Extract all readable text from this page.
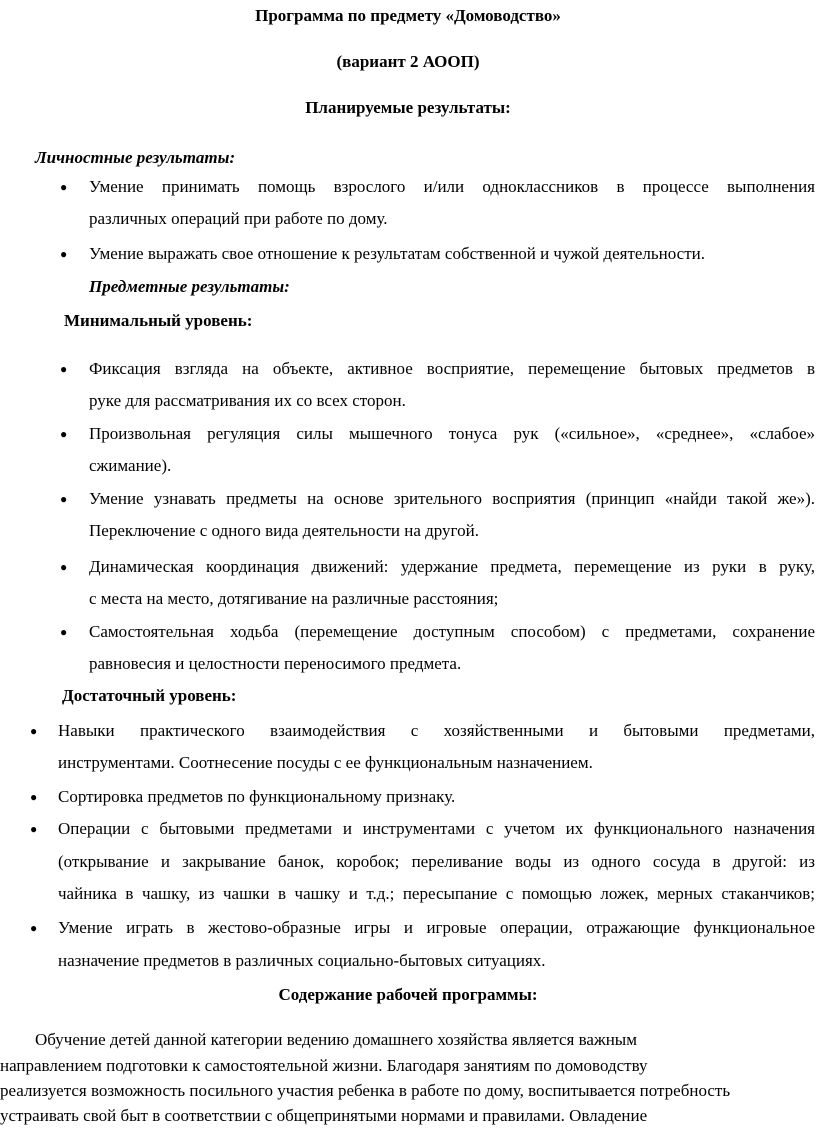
Программа по предмету «Домоводство»
(вариант 2 АООП)
Планируемые результаты:
Личностные результаты:
● Умение принимать помощь взрослого и/или одноклассников в процессе выполнения
различных операций при работе по дому.
● Умение выражать свое отношение к результатам собственной и чужой деятельности.
Предметные результаты:
Минимальный уровень:
● Фиксация взгляда на объекте, активное восприятие, перемещение бытовых предметов в
руке для рассматривания их со всех сторон.
● Произвольная регуляция силы мышечного тонуса рук («сильное», «среднее», «слабое»
сжимание).
● Умение узнавать предметы на основе зрительного восприятия (принцип «найди такой же»).
Переключение с одного вида деятельности на другой.
● Динамическая координация движений: удержание предмета, перемещение из руки в руку,
с места на место, дотягивание на различные расстояния;
● Самостоятельная ходьба (перемещение доступным способом) с предметами, сохранение
равновесия и целостности переносимого предмета.
Достаточный уровень:
● Навыки практического взаимодействия с хозяйственными и бытовыми предметами,
инструментами. Соотнесение посуды с ее функциональным назначением.
● Сортировка предметов по функциональному признаку.
● Операции с бытовыми предметами и инструментами с учетом их функционального назначения
(открывание и закрывание банок, коробок; переливание воды из одного сосуда в другой: из
чайника в чашку, из чашки в чашку и т.д.; пересыпание с помощью ложек, мерных стаканчиков;
● Умение играть в жестово-образные игры и игровые операции, отражающие функциональное
назначение предметов в различных социально-бытовых ситуациях.
Содержание рабочей программы:
Обучение детей данной категории ведению домашнего хозяйства является важным
направлением подготовки к самостоятельной жизни. Благодаря занятиям по домоводству
реализуется возможность посильного участия ребенка в работе по дому, воспитывается потребность
устраивать свой быт в соответствии с общепринятыми нормами и правилами. Овладение
